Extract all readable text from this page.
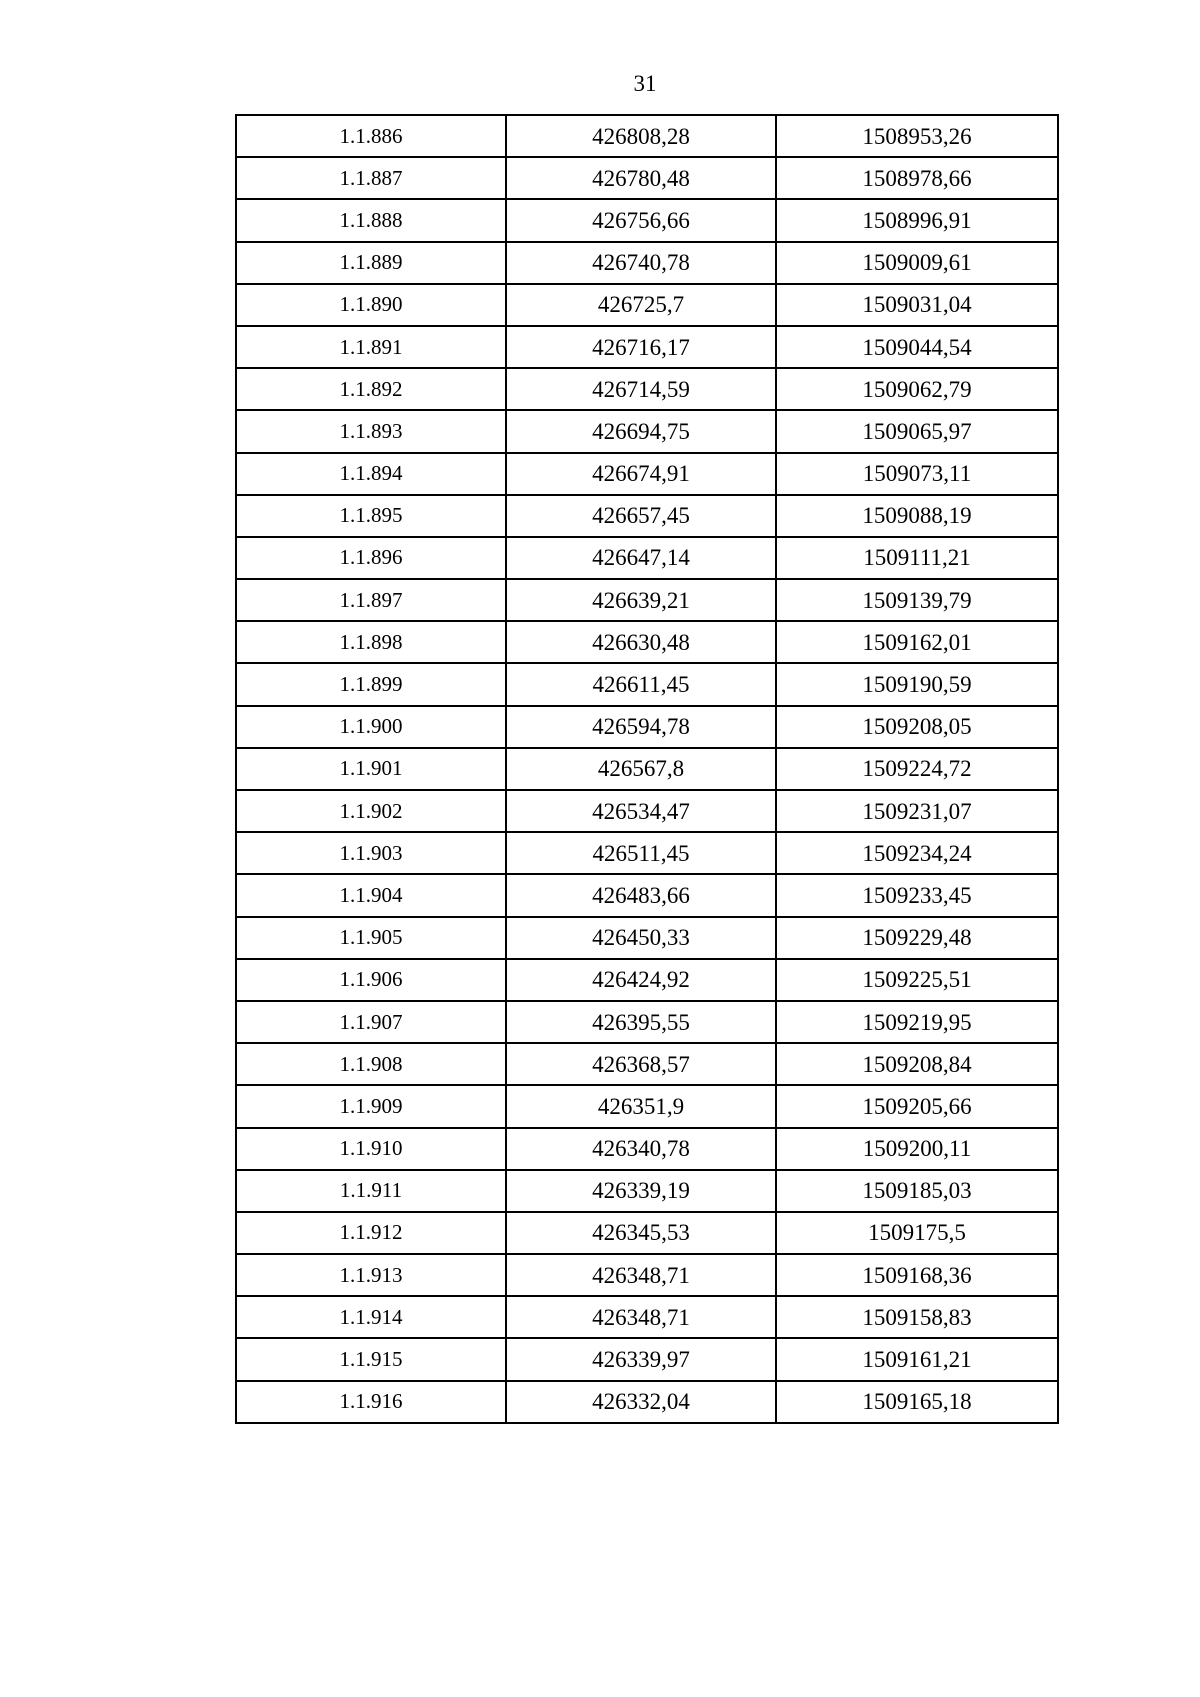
31
1.1.886	426808,28	1508953,26
1.1.887	426780,48	1508978,66
1.1.888	426756,66	1508996,91
1.1.889	426740,78	1509009,61
1.1.890	426725,7	1509031,04
1.1.891	426716,17	1509044,54
1.1.892	426714,59	1509062,79
1.1.893	426694,75	1509065,97
1.1.894	426674,91	1509073,11
1.1.895	426657,45	1509088,19
1.1.896	426647,14	1509111,21
1.1.897	426639,21	1509139,79
1.1.898	426630,48	1509162,01
1.1.899	426611,45	1509190,59
1.1.900	426594,78	1509208,05
1.1.901	426567,8	1509224,72
1.1.902	426534,47	1509231,07
1.1.903	426511,45	1509234,24
1.1.904	426483,66	1509233,45
1.1.905	426450,33	1509229,48
1.1.906	426424,92	1509225,51
1.1.907	426395,55	1509219,95
1.1.908	426368,57	1509208,84
1.1.909	426351,9	1509205,66
1.1.910	426340,78	1509200,11
1.1.911	426339,19	1509185,03
1.1.912	426345,53	1509175,5
1.1.913	426348,71	1509168,36
1.1.914	426348,71	1509158,83
1.1.915	426339,97	1509161,21
1.1.916	426332,04	1509165,18
